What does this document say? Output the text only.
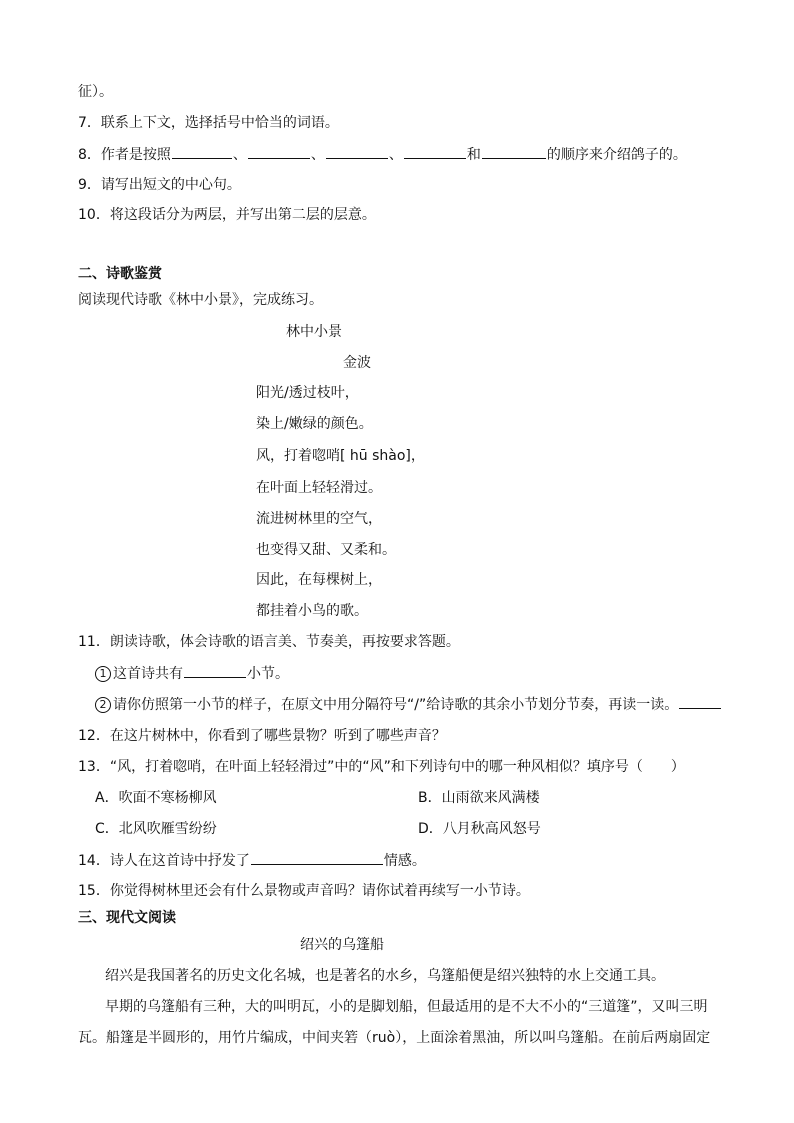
征）。
7．联系上下文，选择括号中恰当的词语。
8．作者是按照	、	、	、	和	的顺序来介绍鸽子的。
9．请写出短文的中心句。
10．将这段话分为两层，并写出第二层的层意。
二、诗歌鉴赏
阅读现代诗歌《林中小景》，完成练习。
林中小景
金波
阳光/透过枝叶，
染上/嫩绿的颜色。
风，打着唿哨[ hū shào]，
在叶面上轻轻滑过。
流进树林里的空气，
也变得又甜、又柔和。
因此，在每棵树上，
都挂着小鸟的歌。
11．朗读诗歌，体会诗歌的语言美、节奏美，再按要求答题。
1 这首诗共有	小节。
2 请你仿照第一小节的样子，在原文中用分隔符号“/”给诗歌的其余小节划分节奏，再读一读。
12．在这片树林中，你看到了哪些景物？听到了哪些声音？
13．“风，打着唿哨，在叶面上轻轻滑过”中的“风”和下列诗句中的哪一种风相似？填序号（　　）
A．吹面不寒杨柳风	B．山雨欲来风满楼
C．北风吹雁雪纷纷	D．八月秋高风怒号
14．诗人在这首诗中抒发了	情感。
15．你觉得树林里还会有什么景物或声音吗？请你试着再续写一小节诗。
三、现代文阅读
绍兴的乌篷船
绍兴是我国著名的历史文化名城，也是著名的水乡，乌篷船便是绍兴独特的水上交通工具。
早期的乌篷船有三种，大的叫明瓦，小的是脚划船，但最适用的是不大不小的“三道篷”，又叫三明
瓦。船篷是半圆形的，用竹片编成，中间夹箬（ruò），上面涂着黑油，所以叫乌篷船。在前后两扇固定
